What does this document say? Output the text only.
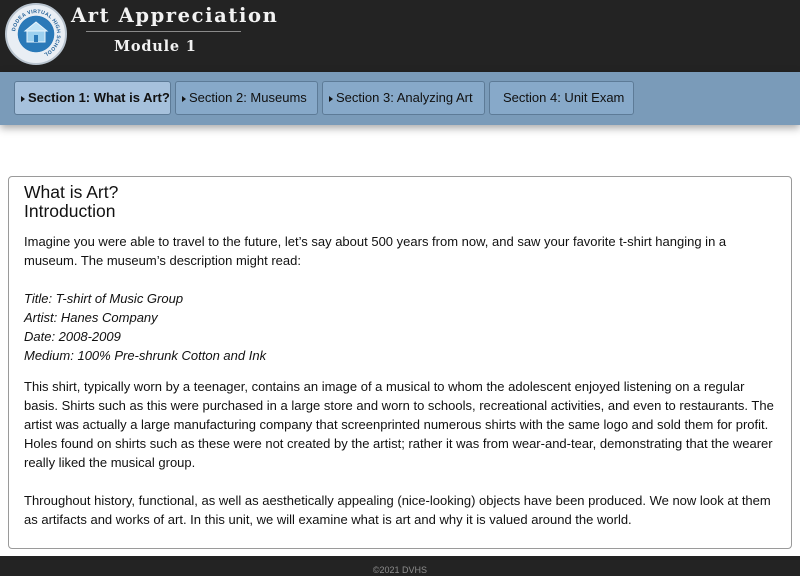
DODEA VIRTUAL HIGH SCHOOL
Art Appreciation
Module 1
Section 1: What is Art?	Section 2: Museums	Section 3: Analyzing Art	Section 4: Unit Exam
What is Art?
Introduction

Imagine you were able to travel to the future, let’s say about 500 years from now, and saw your favorite t-shirt hanging in a museum. The museum’s description might read:

Title: T-shirt of Music Group
Artist: Hanes Company
Date: 2008-2009
Medium: 100% Pre-shrunk Cotton and Ink

This shirt, typically worn by a teenager, contains an image of a musical to whom the adolescent enjoyed listening on a regular basis. Shirts such as this were purchased in a large store and worn to schools, recreational activities, and even to restaurants. The artist was actually a large manufacturing company that screenprinted numerous shirts with the same logo and sold them for profit. Holes found on shirts such as these were not created by the artist; rather it was from wear-and-tear, demonstrating that the wearer really liked the musical group.

Throughout history, functional, as well as aesthetically appealing (nice-looking) objects have been produced. We now look at them as artifacts and works of art. In this unit, we will examine what is art and why it is valued around the world.

©2021 DVHS
